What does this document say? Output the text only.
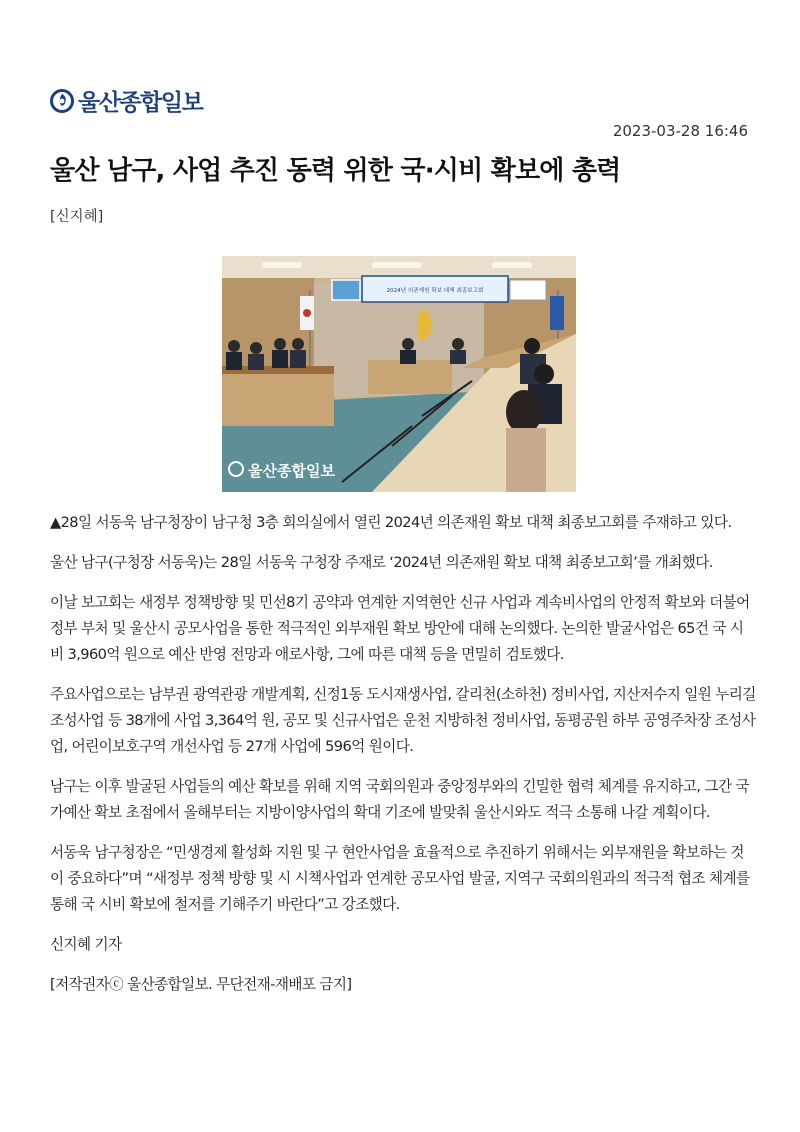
울산종합일보
2023-03-28 16:46
울산 남구, 사업 추진 동력 위한 국·시비 확보에 총력
[신지혜]
2024년 의존재원 확보 대책 최종보고회
울산종합일보

▲28일 서동욱 남구청장이 남구청 3층 회의실에서 열린 2024년 의존재원 확보 대책 최종보고회를 주재하고 있다.

울산 남구(구청장 서동욱)는 28일 서동욱 구청장 주재로 ‘2024년 의존재원 확보 대책 최종보고회’를 개최했다.

이날 보고회는 새정부 정책방향 및 민선8기 공약과 연계한 지역현안 신규 사업과 계속비사업의 안정적 확보와 더불어 정부 부처 및 울산시 공모사업을 통한 적극적인 외부재원 확보 방안에 대해 논의했다. 논의한 발굴사업은 65건 국 시비 3,960억 원으로 예산 반영 전망과 애로사항, 그에 따른 대책 등을 면밀히 검토했다.

주요사업으로는 남부권 광역관광 개발계획, 신정1동 도시재생사업, 갈리천(소하천) 정비사업, 지산저수지 일원 누리길 조성사업 등 38개에 사업 3,364억 원, 공모 및 신규사업은 운천 지방하천 정비사업, 동평공원 하부 공영주차장 조성사업, 어린이보호구역 개선사업 등 27개 사업에 596억 원이다.

남구는 이후 발굴된 사업들의 예산 확보를 위해 지역 국회의원과 중앙정부와의 긴밀한 협력 체계를 유지하고, 그간 국가예산 확보 초점에서 올해부터는 지방이양사업의 확대 기조에 발맞춰 울산시와도 적극 소통해 나갈 계획이다.

서동욱 남구청장은 “민생경제 활성화 지원 및 구 현안사업을 효율적으로 추진하기 위해서는 외부재원을 확보하는 것이 중요하다”며 “새정부 정책 방향 및 시 시책사업과 연계한 공모사업 발굴, 지역구 국회의원과의 적극적 협조 체계를 통해 국 시비 확보에 철저를 기해주기 바란다”고 강조했다.

신지혜 기자

[저작권자ⓒ 울산종합일보. 무단전재-재배포 금지]
